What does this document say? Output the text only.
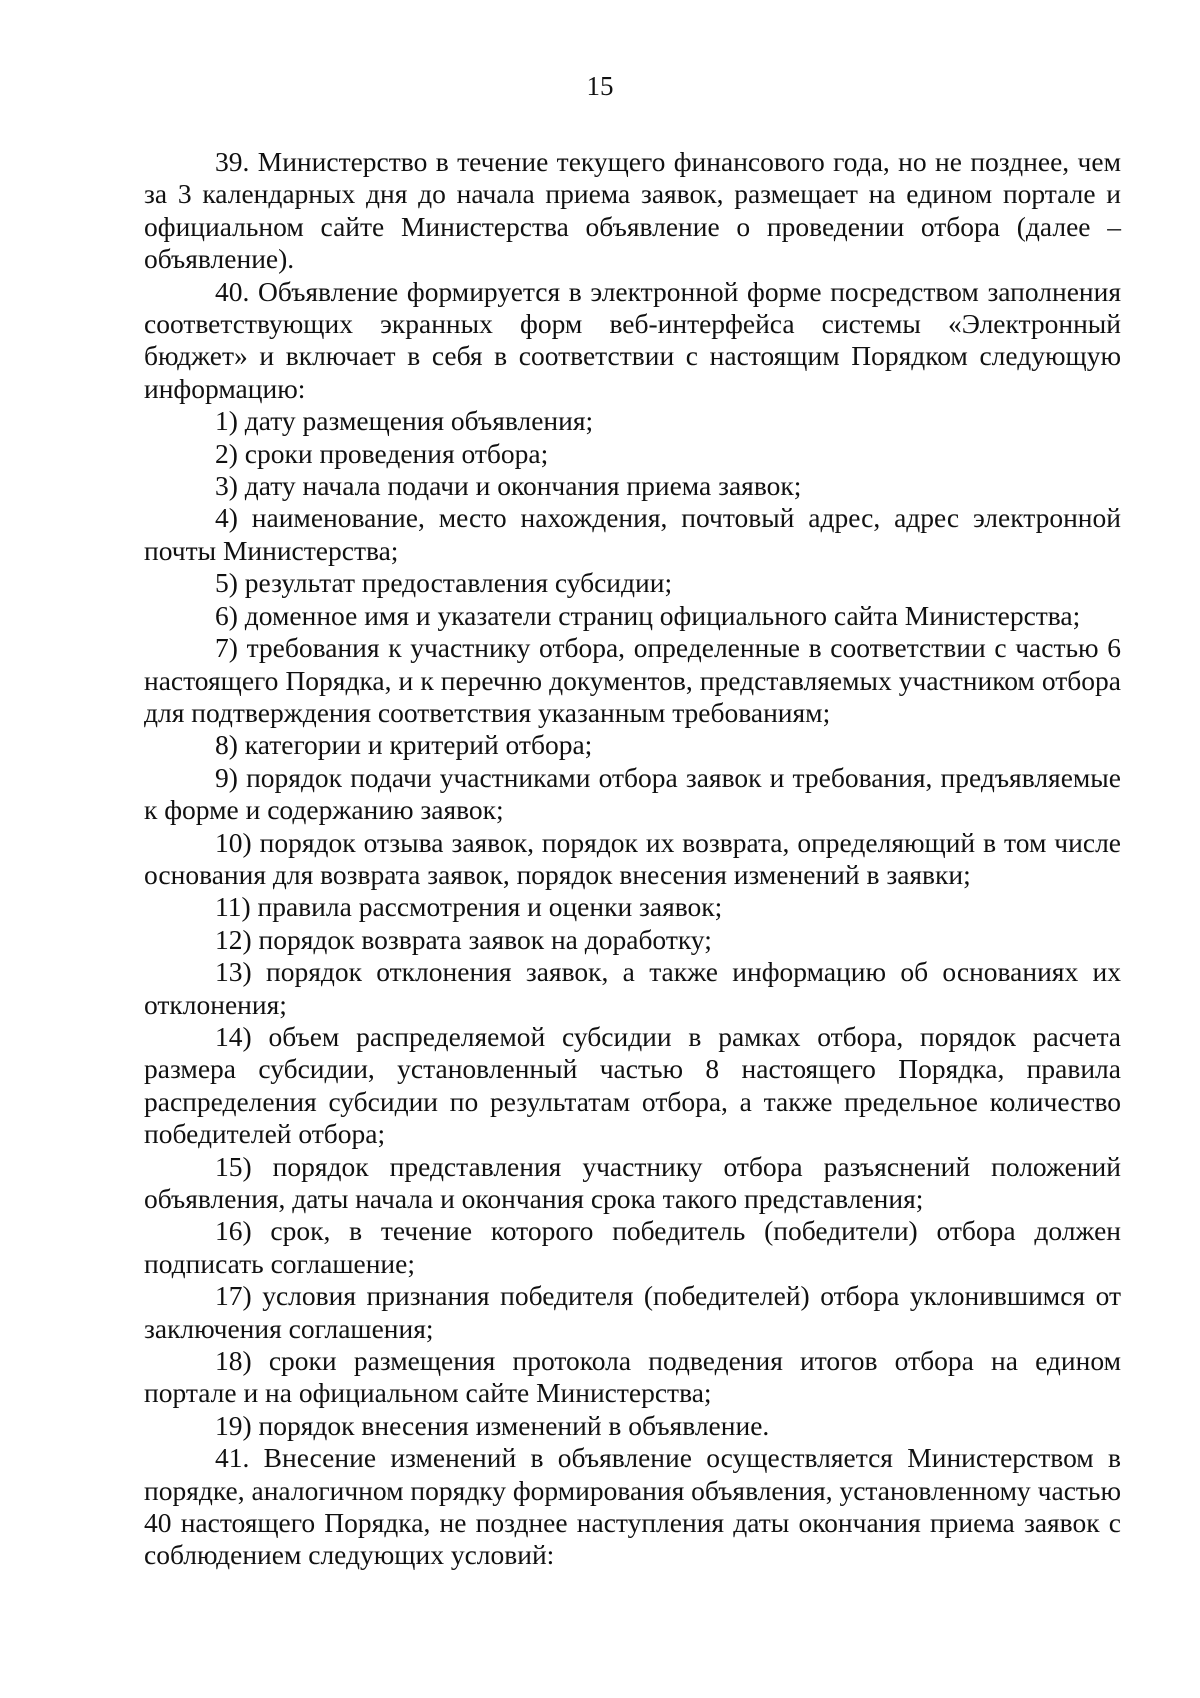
15

39. Министерство в течение текущего финансового года, но не позднее, чем за 3 календарных дня до начала приема заявок, размещает на едином портале и официальном сайте Министерства объявление о проведении отбора (далее – объявление).

40. Объявление формируется в электронной форме посредством заполнения соответствующих экранных форм веб-интерфейса системы «Электронный бюджет» и включает в себя в соответствии с настоящим Порядком следующую информацию:

1) дату размещения объявления;

2) сроки проведения отбора;

3) дату начала подачи и окончания приема заявок;

4) наименование, место нахождения, почтовый адрес, адрес электронной почты Министерства;

5) результат предоставления субсидии;

6) доменное имя и указатели страниц официального сайта Министерства;

7) требования к участнику отбора, определенные в соответствии с частью 6 настоящего Порядка, и к перечню документов, представляемых участником отбора для подтверждения соответствия указанным требованиям;

8) категории и критерий отбора;

9) порядок подачи участниками отбора заявок и требования, предъявляемые к форме и содержанию заявок;

10) порядок отзыва заявок, порядок их возврата, определяющий в том числе основания для возврата заявок, порядок внесения изменений в заявки;

11) правила рассмотрения и оценки заявок;

12) порядок возврата заявок на доработку;

13) порядок отклонения заявок, а также информацию об основаниях их отклонения;

14) объем распределяемой субсидии в рамках отбора, порядок расчета размера субсидии, установленный частью 8 настоящего Порядка, правила распределения субсидии по результатам отбора, а также предельное количество победителей отбора;

15) порядок представления участнику отбора разъяснений положений объявления, даты начала и окончания срока такого представления;

16) срок, в течение которого победитель (победители) отбора должен подписать соглашение;

17) условия признания победителя (победителей) отбора уклонившимся от заключения соглашения;

18) сроки размещения протокола подведения итогов отбора на едином портале и на официальном сайте Министерства;

19) порядок внесения изменений в объявление.

41. Внесение изменений в объявление осуществляется Министерством в порядке, аналогичном порядку формирования объявления, установленному частью 40 настоящего Порядка, не позднее наступления даты окончания приема заявок с соблюдением следующих условий:
